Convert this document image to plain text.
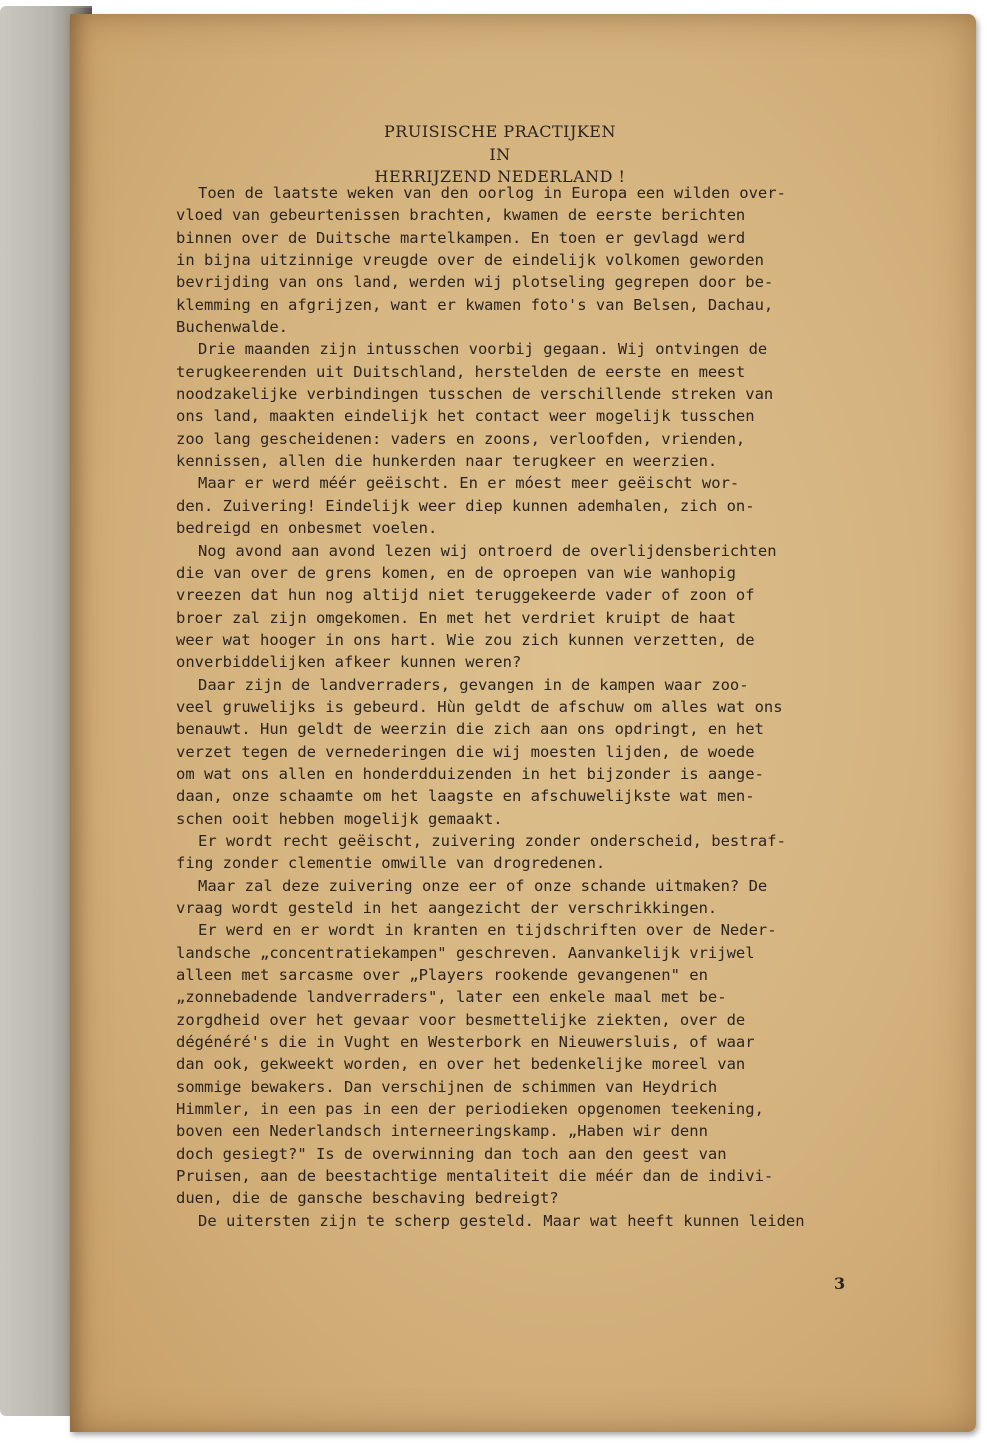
PRUISISCHE PRACTIJKEN
IN
HERRIJZEND NEDERLAND !
Toen de laatste weken van den oorlog in Europa een wilden over-
vloed van gebeurtenissen brachten, kwamen de eerste berichten
binnen over de Duitsche martelkampen. En toen er gevlagd werd
in bijna uitzinnige vreugde over de eindelijk volkomen geworden
bevrijding van ons land, werden wij plotseling gegrepen door be-
klemming en afgrijzen, want er kwamen foto's van Belsen, Dachau,
Buchenwalde.
Drie maanden zijn intusschen voorbij gegaan. Wij ontvingen de
terugkeerenden uit Duitschland, herstelden de eerste en meest
noodzakelijke verbindingen tusschen de verschillende streken van
ons land, maakten eindelijk het contact weer mogelijk tusschen
zoo lang gescheidenen: vaders en zoons, verloofden, vrienden,
kennissen, allen die hunkerden naar terugkeer en weerzien.
Maar er werd méér geëischt. En er móest meer geëischt wor-
den. Zuivering! Eindelijk weer diep kunnen ademhalen, zich on-
bedreigd en onbesmet voelen.
Nog avond aan avond lezen wij ontroerd de overlijdensberichten
die van over de grens komen, en de oproepen van wie wanhopig
vreezen dat hun nog altijd niet teruggekeerde vader of zoon of
broer zal zijn omgekomen. En met het verdriet kruipt de haat
weer wat hooger in ons hart. Wie zou zich kunnen verzetten, de
onverbiddelijken afkeer kunnen weren?
Daar zijn de landverraders, gevangen in de kampen waar zoo-
veel gruwelijks is gebeurd. Hùn geldt de afschuw om alles wat ons
benauwt. Hun geldt de weerzin die zich aan ons opdringt, en het
verzet tegen de vernederingen die wij moesten lijden, de woede
om wat ons allen en honderdduizenden in het bijzonder is aange-
daan, onze schaamte om het laagste en afschuwelijkste wat men-
schen ooit hebben mogelijk gemaakt.
Er wordt recht geëischt, zuivering zonder onderscheid, bestraf-
fing zonder clementie omwille van drogredenen.
Maar zal deze zuivering onze eer of onze schande uitmaken? De
vraag wordt gesteld in het aangezicht der verschrikkingen.
Er werd en er wordt in kranten en tijdschriften over de Neder-
landsche „concentratiekampen" geschreven. Aanvankelijk vrijwel
alleen met sarcasme over „Players rookende gevangenen" en
„zonnebadende landverraders", later een enkele maal met be-
zorgdheid over het gevaar voor besmettelijke ziekten, over de
dégénéré's die in Vught en Westerbork en Nieuwersluis, of waar
dan ook, gekweekt worden, en over het bedenkelijke moreel van
sommige bewakers. Dan verschijnen de schimmen van Heydrich
Himmler, in een pas in een der periodieken opgenomen teekening,
boven een Nederlandsch interneeringskamp. „Haben wir denn
doch gesiegt?" Is de overwinning dan toch aan den geest van
Pruisen, aan de beestachtige mentaliteit die méér dan de indivi-
duen, die de gansche beschaving bedreigt?
De uitersten zijn te scherp gesteld. Maar wat heeft kunnen leiden
3
